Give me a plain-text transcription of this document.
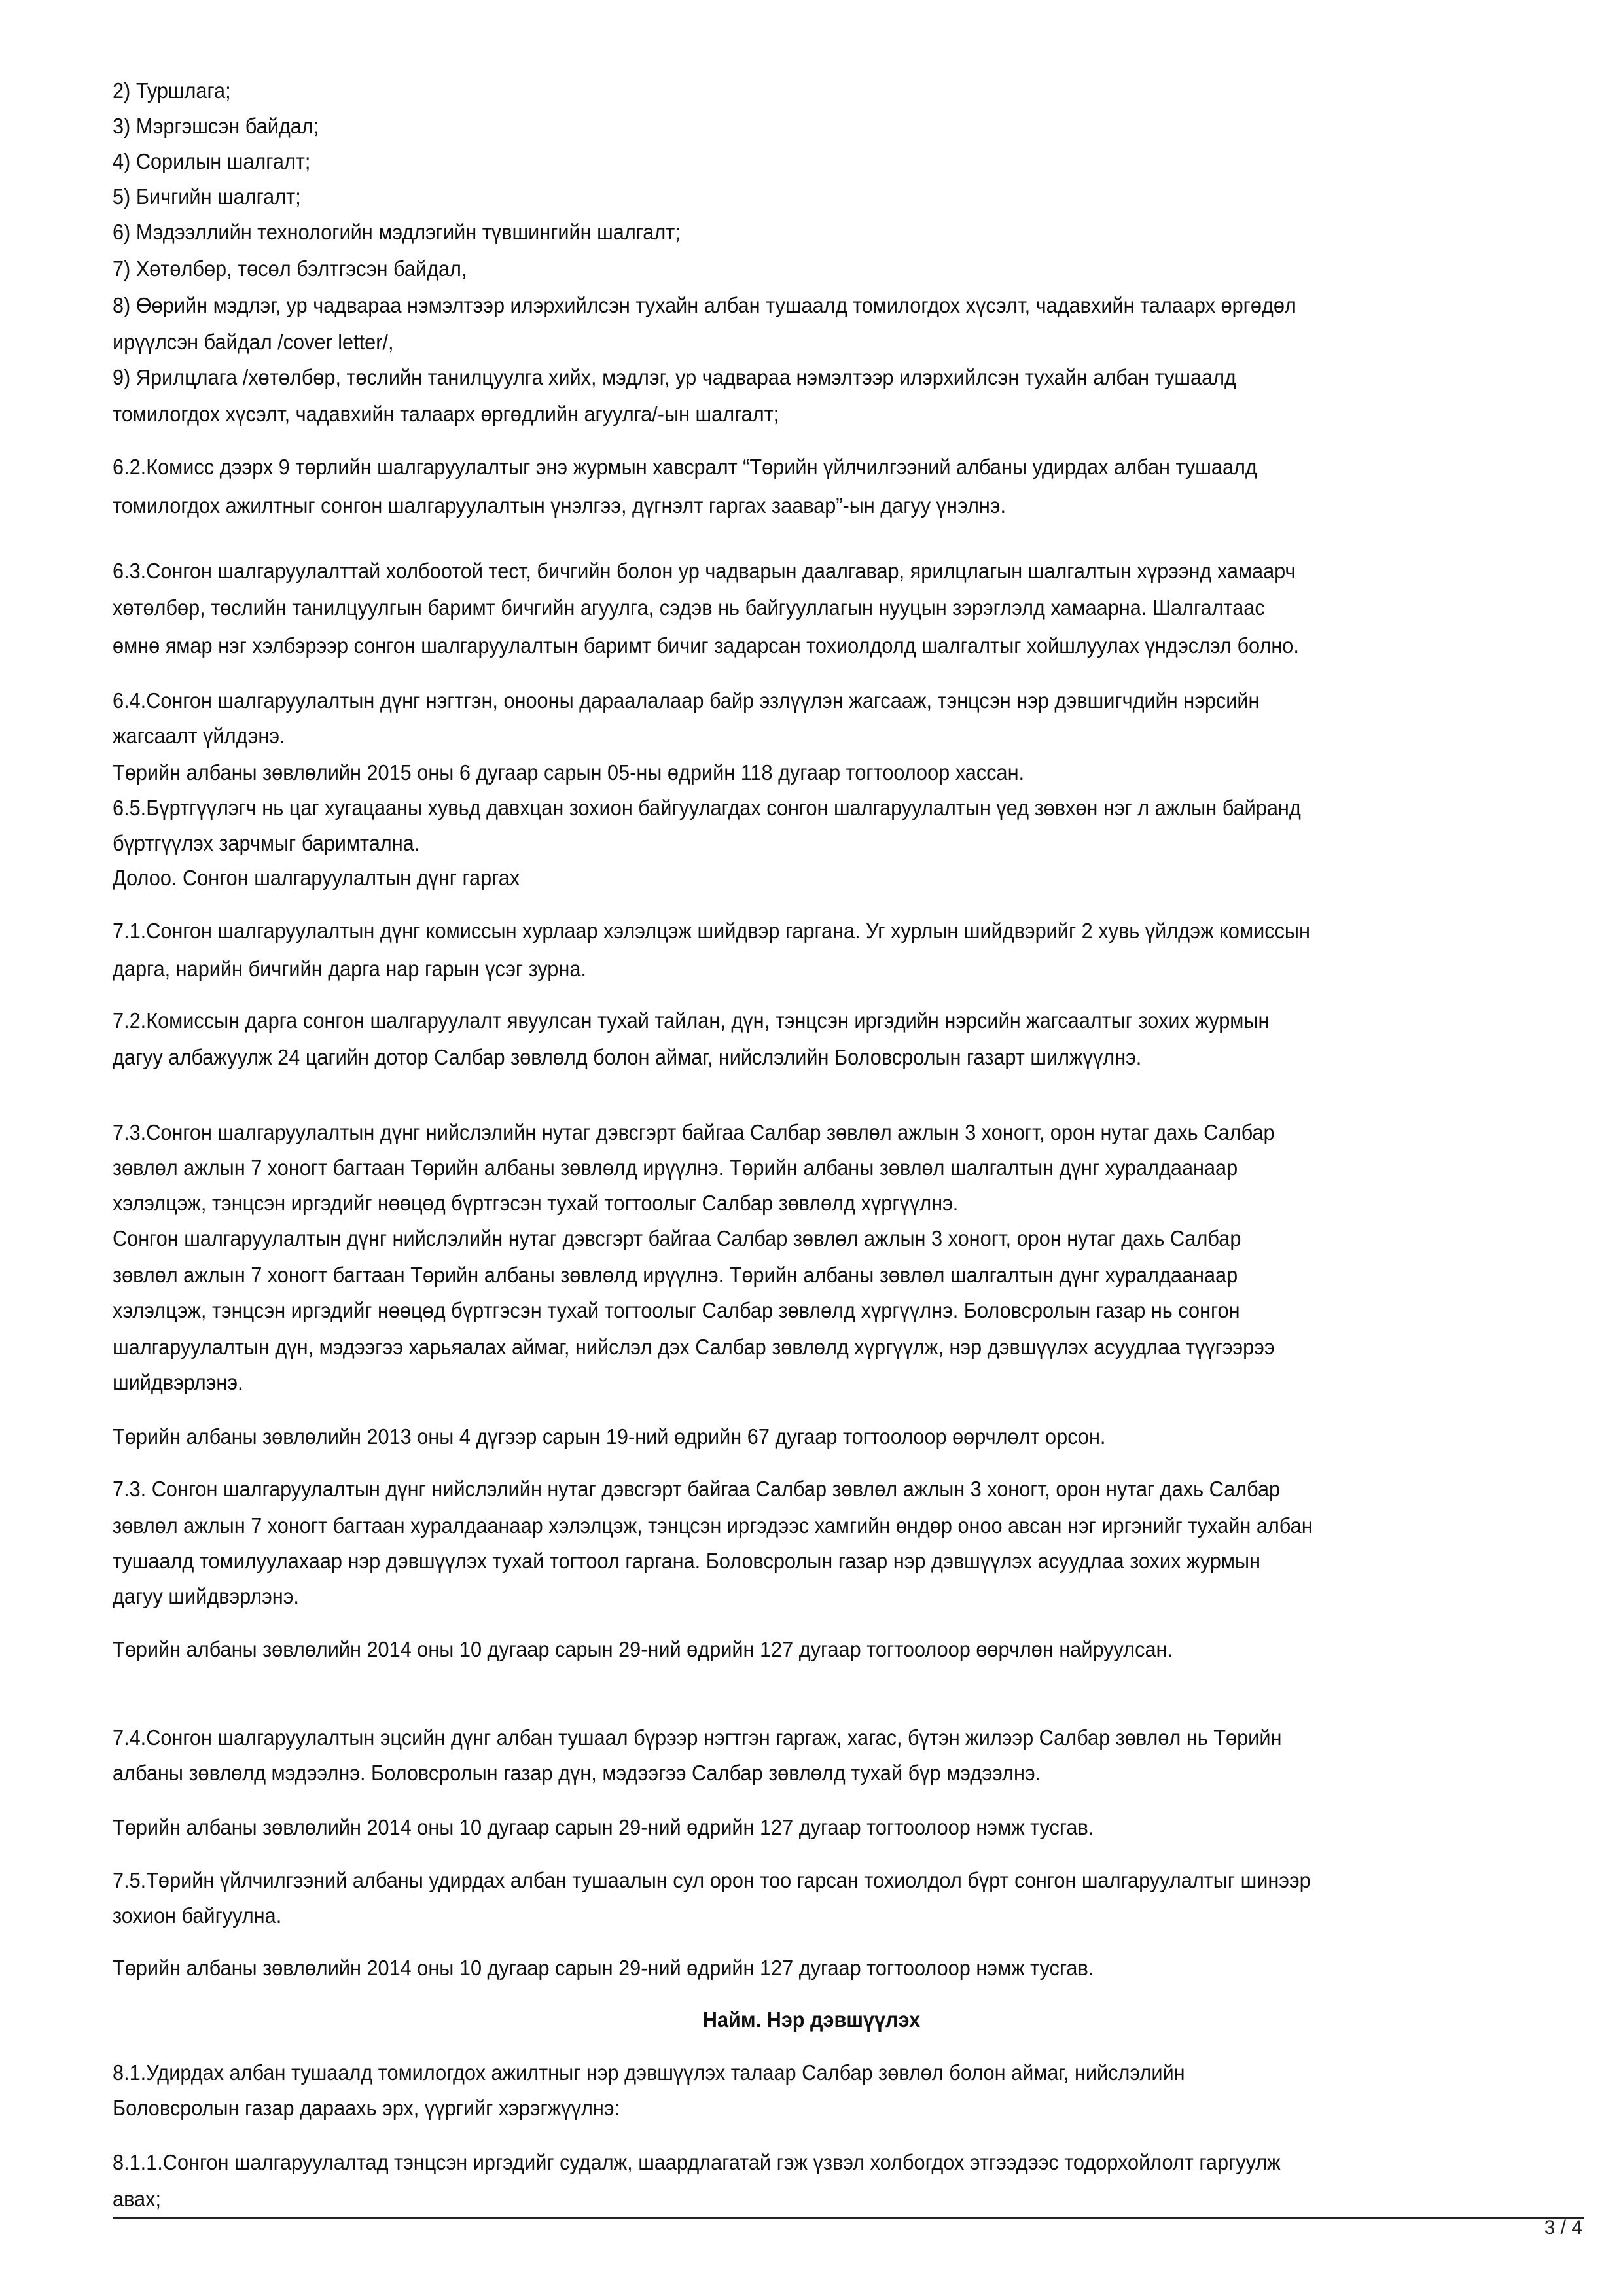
2) Туршлага;
3) Мэргэшсэн байдал;
4) Сорилын шалгалт;
5) Бичгийн шалгалт;
6) Мэдээллийн технологийн мэдлэгийн түвшингийн шалгалт;
7) Хөтөлбөр, төсөл бэлтгэсэн байдал,
8) Өөрийн мэдлэг, ур чадвараа нэмэлтээр илэрхийлсэн тухайн албан тушаалд томилогдох хүсэлт, чадавхийн талаарх өргөдөл
ирүүлсэн байдал /cover letter/,
9) Ярилцлага /хөтөлбөр, төслийн танилцуулга хийх, мэдлэг, ур чадвараа нэмэлтээр илэрхийлсэн тухайн албан тушаалд
томилогдох хүсэлт, чадавхийн талаарх өргөдлийн агуулга/-ын шалгалт;
6.2.Комисс дээрх 9 төрлийн шалгаруулалтыг энэ журмын хавсралт “Төрийн үйлчилгээний албаны удирдах албан тушаалд
томилогдох ажилтныг сонгон шалгаруулалтын үнэлгээ, дүгнэлт гаргах заавар”-ын дагуу үнэлнэ.
6.3.Сонгон шалгаруулалттай холбоотой тест, бичгийн болон ур чадварын даалгавар, ярилцлагын шалгалтын хүрээнд хамаарч
хөтөлбөр, төслийн танилцуулгын баримт бичгийн агуулга, сэдэв нь байгууллагын нууцын зэрэглэлд хамаарна. Шалгалтаас
өмнө ямар нэг хэлбэрээр сонгон шалгаруулалтын баримт бичиг задарсан тохиолдолд шалгалтыг хойшлуулах үндэслэл болно.
6.4.Сонгон шалгаруулалтын дүнг нэгтгэн, онооны дараалалаар байр эзлүүлэн жагсааж, тэнцсэн нэр дэвшигчдийн нэрсийн
жагсаалт үйлдэнэ.
Төрийн албаны зөвлөлийн 2015 оны 6 дугаар сарын 05-ны өдрийн 118 дугаар тогтоолоор хассан.
6.5.Бүртгүүлэгч нь цаг хугацааны хувьд давхцан зохион байгуулагдах сонгон шалгаруулалтын үед зөвхөн нэг л ажлын байранд
бүртгүүлэх зарчмыг баримтална.
Долоо. Сонгон шалгаруулалтын дүнг гаргах
7.1.Сонгон шалгаруулалтын дүнг комиссын хурлаар хэлэлцэж шийдвэр гаргана. Уг хурлын шийдвэрийг 2 хувь үйлдэж комиссын
дарга, нарийн бичгийн дарга нар гарын үсэг зурна.
7.2.Комиссын дарга сонгон шалгаруулалт явуулсан тухай тайлан, дүн, тэнцсэн иргэдийн нэрсийн жагсаалтыг зохих журмын
дагуу албажуулж 24 цагийн дотор Салбар зөвлөлд болон аймаг, нийслэлийн Боловсролын газарт шилжүүлнэ.
7.3.Сонгон шалгаруулалтын дүнг нийслэлийн нутаг дэвсгэрт байгаа Салбар зөвлөл ажлын 3 хоногт, орон нутаг дахь Салбар
зөвлөл ажлын 7 хоногт багтаан Төрийн албаны зөвлөлд ирүүлнэ. Төрийн албаны зөвлөл шалгалтын дүнг хуралдаанаар
хэлэлцэж, тэнцсэн иргэдийг нөөцөд бүртгэсэн тухай тогтоолыг Салбар зөвлөлд хүргүүлнэ.
Сонгон шалгаруулалтын дүнг нийслэлийн нутаг дэвсгэрт байгаа Салбар зөвлөл ажлын 3 хоногт, орон нутаг дахь Салбар
зөвлөл ажлын 7 хоногт багтаан Төрийн албаны зөвлөлд ирүүлнэ. Төрийн албаны зөвлөл шалгалтын дүнг хуралдаанаар
хэлэлцэж, тэнцсэн иргэдийг нөөцөд бүртгэсэн тухай тогтоолыг Салбар зөвлөлд хүргүүлнэ. Боловсролын газар нь сонгон
шалгаруулалтын дүн, мэдээгээ харьяалах аймаг, нийслэл дэх Салбар зөвлөлд хүргүүлж, нэр дэвшүүлэх асуудлаа түүгээрээ
шийдвэрлэнэ.
Төрийн албаны зөвлөлийн 2013 оны 4 дүгээр сарын 19-ний өдрийн 67 дугаар тогтоолоор өөрчлөлт орсон.
7.3. Сонгон шалгаруулалтын дүнг нийслэлийн нутаг дэвсгэрт байгаа Салбар зөвлөл ажлын 3 хоногт, орон нутаг дахь Салбар
зөвлөл ажлын 7 хоногт багтаан хуралдаанаар хэлэлцэж, тэнцсэн иргэдээс хамгийн өндөр оноо авсан нэг иргэнийг тухайн албан
тушаалд томилуулахаар нэр дэвшүүлэх тухай тогтоол гаргана. Боловсролын газар нэр дэвшүүлэх асуудлаа зохих журмын
дагуу шийдвэрлэнэ.
Төрийн албаны зөвлөлийн 2014 оны 10 дугаар сарын 29-ний өдрийн 127 дугаар тогтоолоор өөрчлөн найруулсан.
7.4.Сонгон шалгаруулалтын эцсийн дүнг албан тушаал бүрээр нэгтгэн гаргаж, хагас, бүтэн жилээр Салбар зөвлөл нь Төрийн
албаны зөвлөлд мэдээлнэ. Боловсролын газар дүн, мэдээгээ Салбар зөвлөлд тухай бүр мэдээлнэ.
Төрийн албаны зөвлөлийн 2014 оны 10 дугаар сарын 29-ний өдрийн 127 дугаар тогтоолоор нэмж тусгав.
7.5.Төрийн үйлчилгээний албаны удирдах албан тушаалын сул орон тоо гарсан тохиолдол бүрт сонгон шалгаруулалтыг шинээр
зохион байгуулна.
Төрийн албаны зөвлөлийн 2014 оны 10 дугаар сарын 29-ний өдрийн 127 дугаар тогтоолоор нэмж тусгав.
8.1.Удирдах албан тушаалд томилогдох ажилтныг нэр дэвшүүлэх талаар Салбар зөвлөл болон аймаг, нийслэлийн
Боловсролын газар дараахь эрх, үүргийг хэрэгжүүлнэ:
8.1.1.Сонгон шалгаруулалтад тэнцсэн иргэдийг судалж, шаардлагатай гэж үзвэл холбогдох этгээдээс тодорхойлолт гаргуулж
авах;
Найм. Нэр дэвшүүлэх
3 / 4
